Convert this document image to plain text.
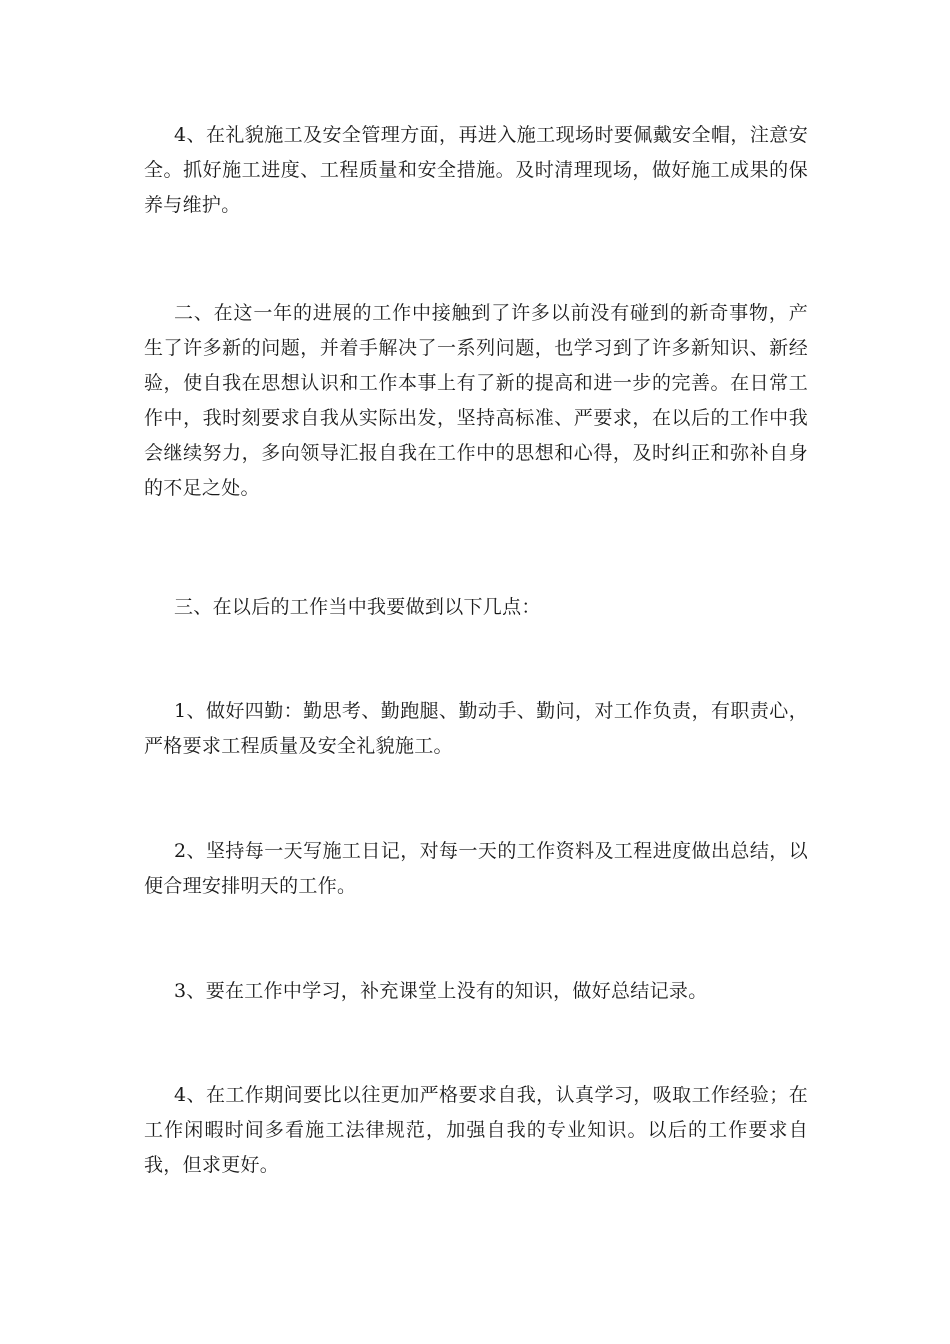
4、在礼貌施工及安全管理方面，再进入施工现场时要佩戴安全帽，注意安全。抓好施工进度、工程质量和安全措施。及时清理现场，做好施工成果的保养与维护。

二、在这一年的进展的工作中接触到了许多以前没有碰到的新奇事物，产生了许多新的问题，并着手解决了一系列问题，也学习到了许多新知识、新经验，使自我在思想认识和工作本事上有了新的提高和进一步的完善。在日常工作中，我时刻要求自我从实际出发，坚持高标准、严要求，在以后的工作中我会继续努力，多向领导汇报自我在工作中的思想和心得，及时纠正和弥补自身的不足之处。

三、在以后的工作当中我要做到以下几点：

1、做好四勤：勤思考、勤跑腿、勤动手、勤问，对工作负责，有职责心，严格要求工程质量及安全礼貌施工。

2、坚持每一天写施工日记，对每一天的工作资料及工程进度做出总结，以便合理安排明天的工作。

3、要在工作中学习，补充课堂上没有的知识，做好总结记录。

4、在工作期间要比以往更加严格要求自我，认真学习，吸取工作经验；在工作闲暇时间多看施工法律规范，加强自我的专业知识。以后的工作要求自我，但求更好。
